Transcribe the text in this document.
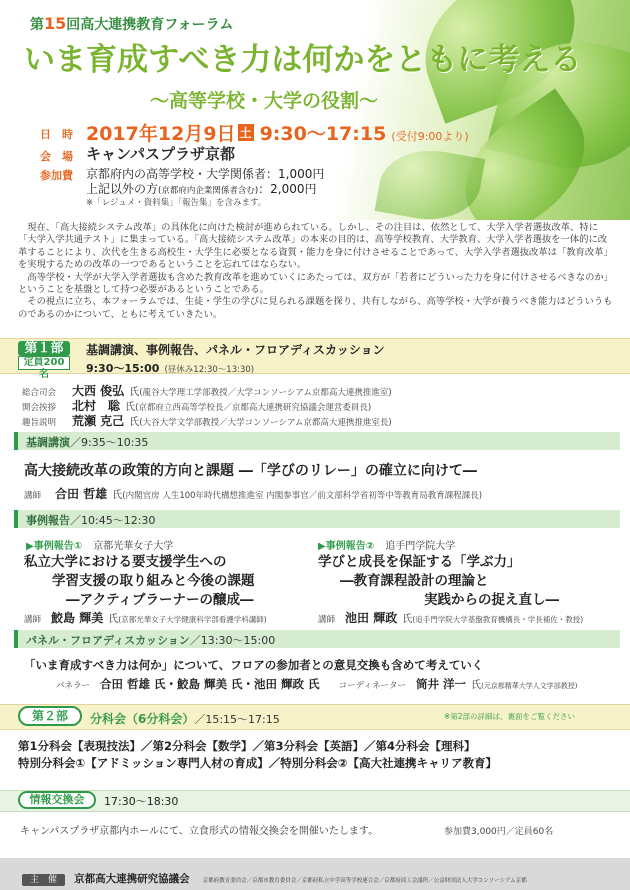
第15回高大連携教育フォーラム
いま育成すべき力は何かをともに考える
〜高等学校・大学の役割〜
日　時 2017年12月9日 土 9:30〜17:15 (受付9:00より)
会　場 キャンパスプラザ京都
参加費 京都府内の高等学校・大学関係者：1,000円
上記以外の方(京都府内企業関係者含む)：2,000円
※「レジュメ・資料集」「報告集」を含みます。

現在、「高大接続システム改革」の具体化に向けた検討が進められている。しかし、その注目は、依然として、大学入学者選抜改革、特に「大学入学共通テスト」に集まっている。「高大接続システム改革」の本来の目的は、高等学校教育、大学教育、大学入学者選抜を一体的に改革することにより、次代を生きる高校生・大学生に必要となる資質・能力を身に付けさせることであって、大学入学者選抜改革は「教育改革」を実現するための改革の一つであるということを忘れてはならない。

高等学校・大学が大学入学者選抜も含めた教育改革を進めていくにあたっては、双方が「若者にどういった力を身に付けさせるべきなのか」ということを基盤として持つ必要があるということである。

その視点に立ち、本フォーラムでは、生徒・学生の学びに見られる課題を探り、共有しながら、高等学校・大学が養うべき能力はどういうものであるのかについて、ともに考えていきたい。

第１部
定員200名
基調講演、事例報告、パネル・フロアディスカッション
9:30〜15:00 (昼休み12:30〜13:30)
総合司会 大西 俊弘 氏(龍谷大学理工学部教授／大学コンソーシアム京都高大連携推進室)
開会挨拶 北村　聡 氏(京都府立西高等学校長／京都高大連携研究協議会運営委員長)
趣旨説明 荒瀬 克己 氏(大谷大学文学部教授／大学コンソーシアム京都高大連携推進室長)
基調講演／9:35〜10:35
高大接続改革の政策的方向と課題 ―「学びのリレー」の確立に向けて―
講師 合田 哲雄 氏(内閣官房 人生100年時代構想推進室 内閣参事官／前文部科学省初等中等教育局教育課程課長)
事例報告／10:45〜12:30
▶事例報告① 京都光華女子大学
私立大学における要支援学生への
学習支援の取り組みと今後の課題
―アクティブラーナーの醸成―
講師 鮫島 輝美 氏(京都光華女子大学健康科学部看護学科講師)
▶事例報告② 追手門学院大学
学びと成長を保証する「学ぶ力」
―教育課程設計の理論と
実践からの捉え直し―
講師 池田 輝政 氏(追手門学院大学基盤教育機構長・学長補佐・教授)
パネル・フロアディスカッション／13:30〜15:00
「いま育成すべき力は何か」について、フロアの参加者との意見交換も含めて考えていく
パネラー 合田 哲雄 氏・鮫島 輝美 氏・池田 輝政 氏 コーディネーター 筒井 洋一 氏(元京都精華大学人文学部教授)
第２部	分科会（6分科会）／15:15〜17:15	※第2部の詳細は、裏面をご覧ください
第1分科会【表現技法】／第2分科会【数学】／第3分科会【英語】／第4分科会【理科】
特別分科会①【アドミッション専門人材の育成】／特別分科会②【高大社連携キャリア教育】
情報交換会	17:30〜18:30
キャンパスプラザ京都内ホールにて、立食形式の情報交換会を開催いたします。	参加費3,000円／定員60名
主　催 京都高大連携研究協議会 京都府教育委員会／京都市教育委員会／京都府私立中学高等学校連合会／京都府商工会議所／公益財団法人大学コンソーシアム京都
